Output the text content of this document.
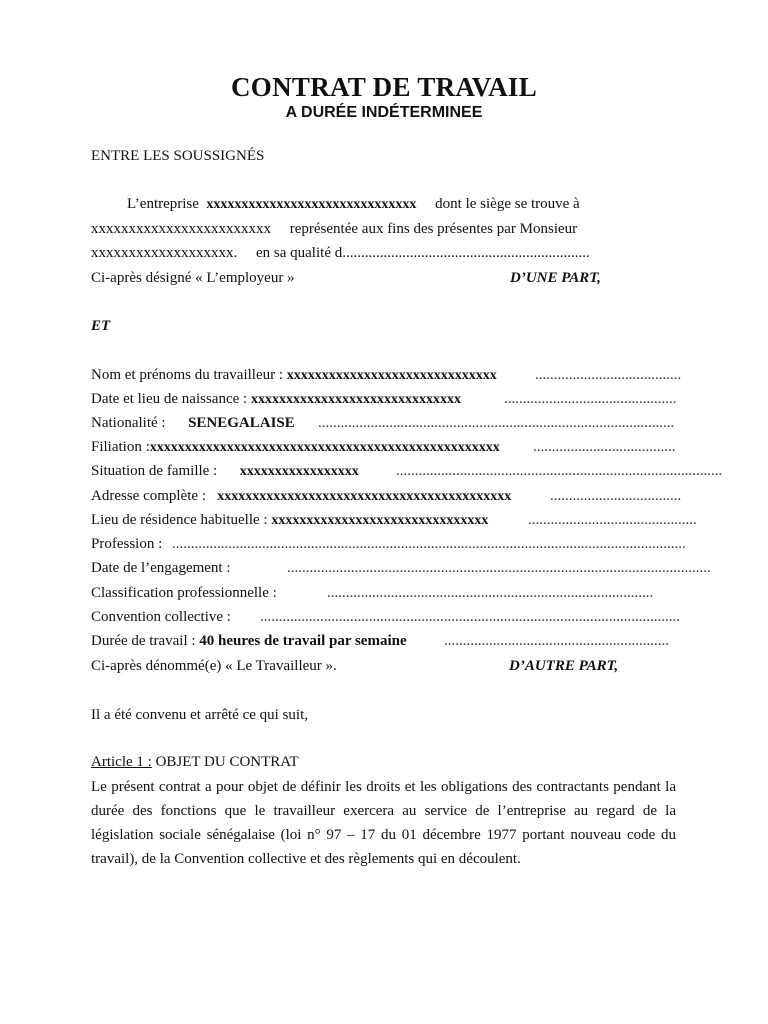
CONTRAT DE TRAVAIL
A DURÉE INDÉTERMINEE
ENTRE LES SOUSSIGNÉS
L’entreprise xxxxxxxxxxxxxxxxxxxxxxxxxxxxxx dont le siège se trouve à
xxxxxxxxxxxxxxxxxxxxxxxx représentée aux fins des présentes par Monsieur
xxxxxxxxxxxxxxxxxxx. en sa qualité d..................................................................
Ci-après désigné « L’employeur »	D’UNE PART,
ET
Nom et prénoms du travailleur : xxxxxxxxxxxxxxxxxxxxxxxxxxxxxx	.......................................
Date et lieu de naissance : xxxxxxxxxxxxxxxxxxxxxxxxxxxxxx	..............................................
Nationalité : SENEGALAISE ...............................................................................................
Filiation :xxxxxxxxxxxxxxxxxxxxxxxxxxxxxxxxxxxxxxxxxxxxxxxxxx ......................................
Situation de famille : xxxxxxxxxxxxxxxxx .......................................................................................
Adresse complète : xxxxxxxxxxxxxxxxxxxxxxxxxxxxxxxxxxxxxxxxxx	...................................
Lieu de résidence habituelle : xxxxxxxxxxxxxxxxxxxxxxxxxxxxxxx	.............................................
Profession : .........................................................................................................................................
Date de l’engagement :	.................................................................................................................
Classification professionnelle :	.......................................................................................
Convention collective : ................................................................................................................
Durée de travail : 40 heures de travail par semaine ............................................................
Ci-après dénommé(e) « Le Travailleur ».	D’AUTRE PART,
Il a été convenu et arrêté ce qui suit,
Article 1 : OBJET DU CONTRAT
Le présent contrat a pour objet de définir les droits et les obligations des contractants pendant la durée des fonctions que le travailleur exercera au service de l’entreprise au regard de la législation sociale sénégalaise (loi n° 97 – 17 du 01 décembre 1977 portant nouveau code du travail), de la Convention collective et des règlements qui en découlent.
